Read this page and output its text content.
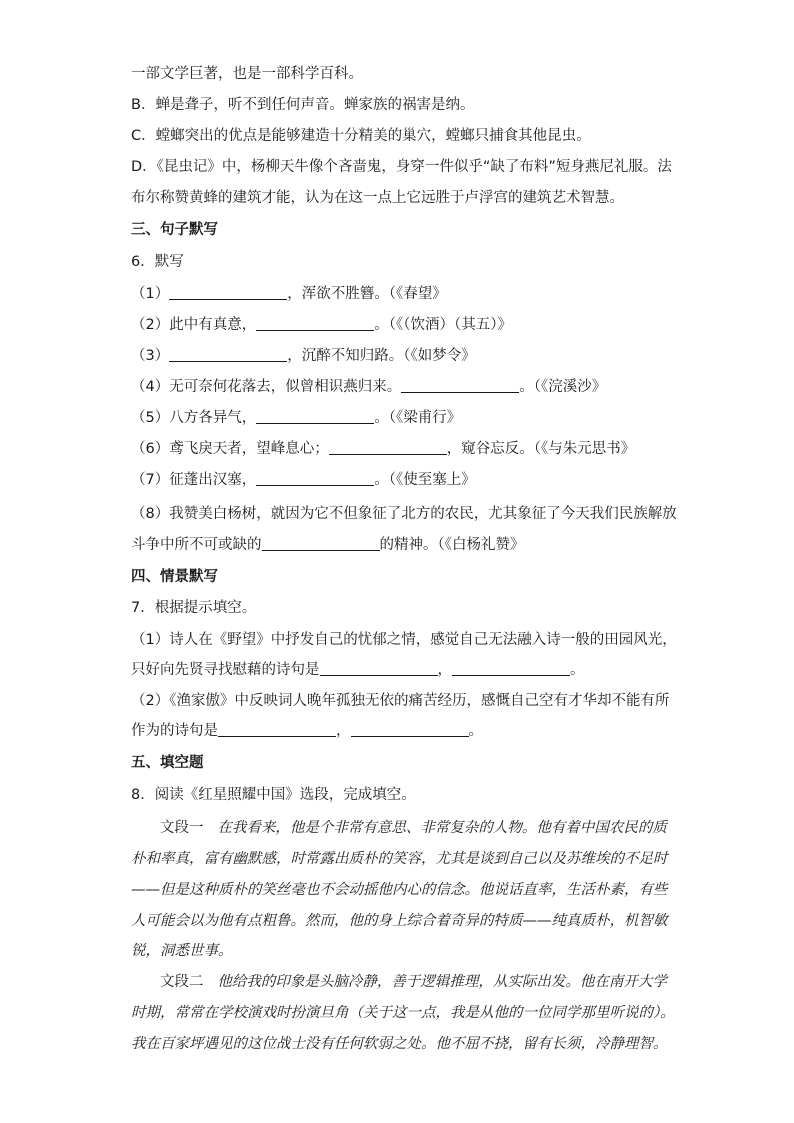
一部文学巨著，也是一部科学百科。
B．蝉是聋子，听不到任何声音。蝉家族的祸害是纳。
C．螳螂突出的优点是能够建造十分精美的巢穴，螳螂只捕食其他昆虫。
D．《昆虫记》中，杨柳天牛像个吝啬鬼，身穿一件似乎“缺了布料”短身燕尼礼服。法
布尔称赞黄蜂的建筑才能，认为在这一点上它远胜于卢浮宫的建筑艺术智慧。
三、句子默写
6．默写
（1）	，浑欲不胜簪。（《春望》
（2）此中有真意，	。（《（饮酒）（其五）》
（3）	，沉醉不知归路。（《如梦令》
（4）无可奈何花落去，似曾相识燕归来。	。（《浣溪沙》
（5）八方各异气，	。（《梁甫行》
（6）鸢飞戾天者，望峰息心；	，窥谷忘反。（《与朱元思书》
（7）征蓬出汉塞，	。（《使至塞上》
（8）我赞美白杨树，就因为它不但象征了北方的农民，尤其象征了今天我们民族解放
斗争中所不可或缺的	的精神。（《白杨礼赞》
四、情景默写
7．根据提示填空。
（1）诗人在《野望》中抒发自己的忧郁之情，感觉自己无法融入诗一般的田园风光，
只好向先贤寻找慰藉的诗句是	，	。
（2）《渔家傲》中反映词人晚年孤独无依的痛苦经历，感慨自己空有才华却不能有所
作为的诗句是	，	。
五、填空题
8．阅读《红星照耀中国》选段，完成填空。
文段一 在我看来，他是个非常有意思、非常复杂的人物。他有着中国农民的质
朴和率真，富有幽默感，时常露出质朴的笑容，尤其是谈到自己以及苏维埃的不足时
——但是这种质朴的笑丝毫也不会动摇他内心的信念。他说话直率，生活朴素，有些
人可能会以为他有点粗鲁。然而，他的身上综合着奇异的特质——纯真质朴，机智敏
锐，洞悉世事。
文段二 他给我的印象是头脑冷静，善于逻辑推理，从实际出发。他在南开大学
时期，常常在学校演戏时扮演旦角（关于这一点，我是从他的一位同学那里听说的）。
我在百家坪遇见的这位战士没有任何软弱之处。他不屈不挠，留有长须，冷静理智。
